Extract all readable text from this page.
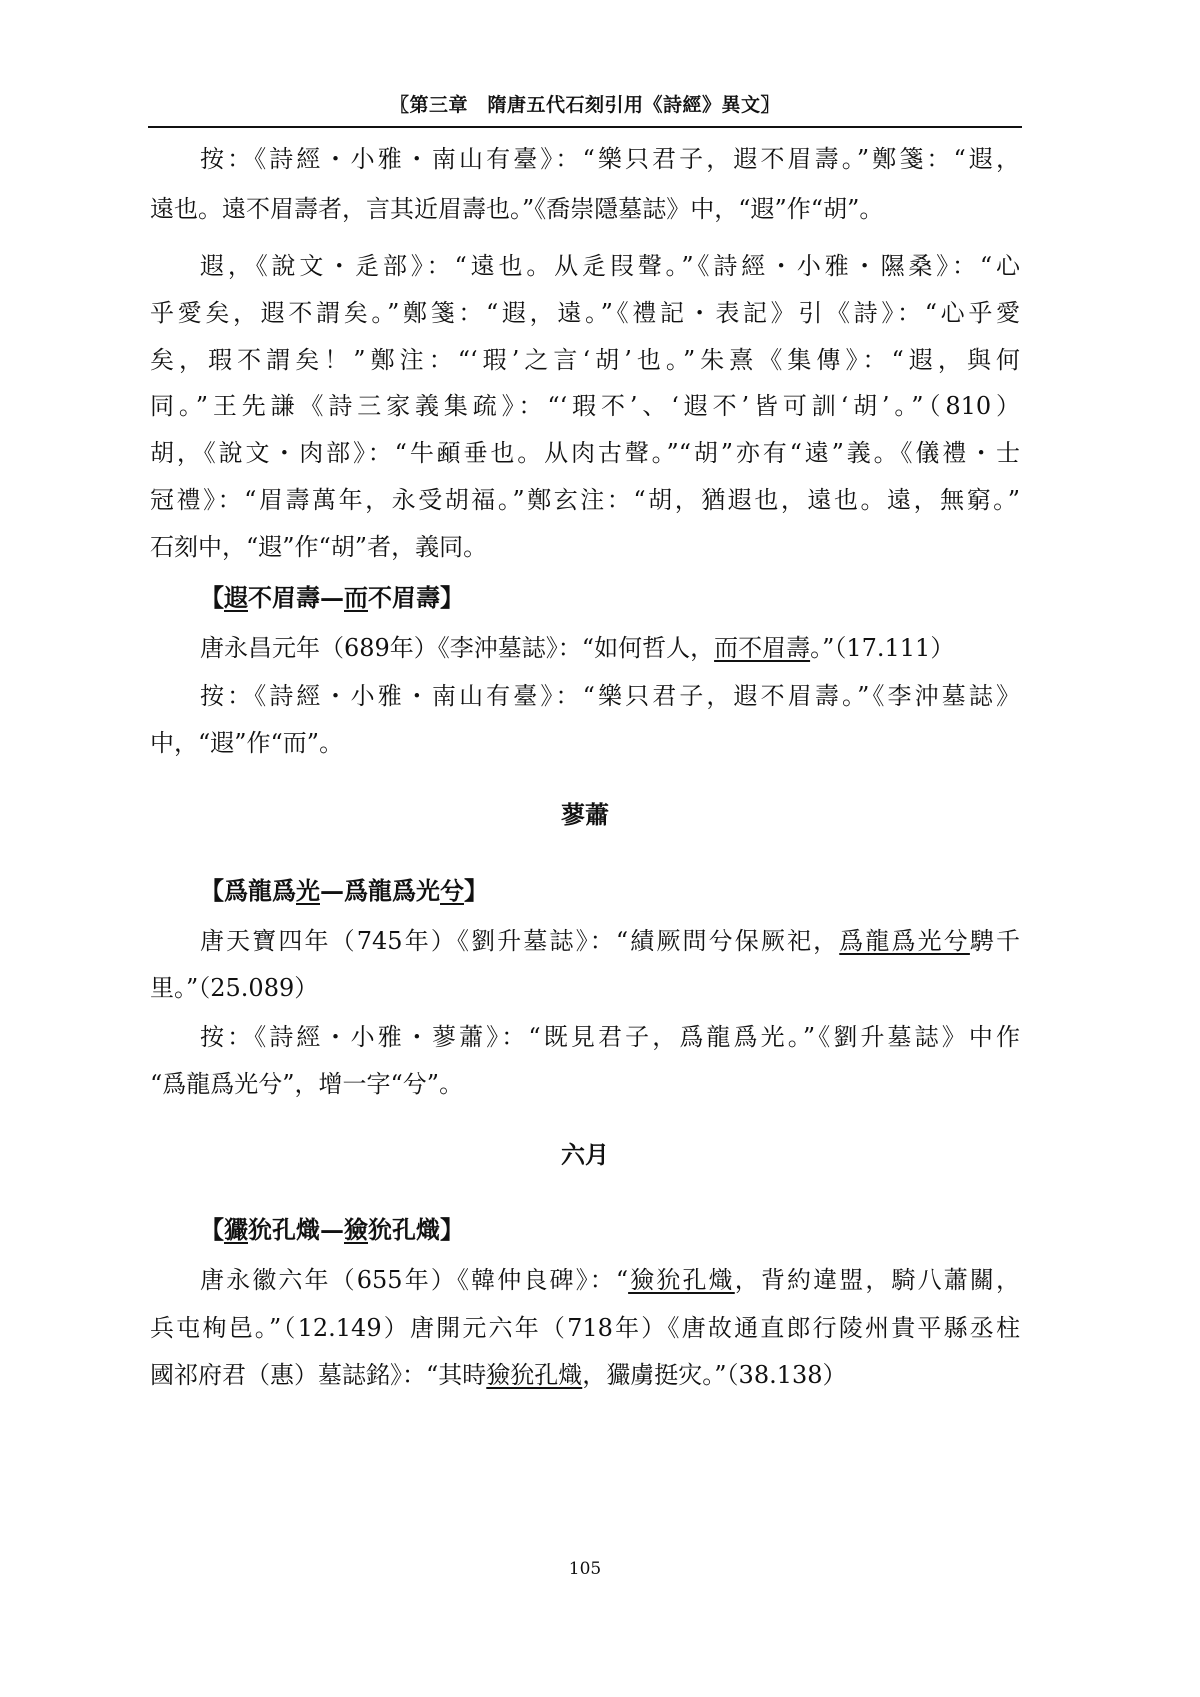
〖第三章　隋唐五代石刻引用《詩經》異文〗
按：《詩經・小雅・南山有臺》：“樂只君子，遐不眉壽。”鄭箋：“遐，
遠也。遠不眉壽者，言其近眉壽也。”《喬崇隱墓誌》中，“遐”作“胡”。
遐，《說文・辵部》：“遠也。从辵叚聲。”《詩經・小雅・隰桑》：“心
乎愛矣，遐不謂矣。”鄭箋：“遐，遠。”《禮記・表記》引《詩》：“心乎愛
矣，瑕不謂矣！”鄭注：“‘瑕’之言‘胡’也。”朱熹《集傳》：“遐，與何
同。”王先謙《詩三家義集疏》：“‘瑕不’、‘遐不’皆可訓‘胡’。”（810）
胡，《說文・肉部》：“牛顄垂也。从肉古聲。”“胡”亦有“遠”義。《儀禮・士
冠禮》：“眉壽萬年，永受胡福。”鄭玄注：“胡，猶遐也，遠也。遠，無窮。”
石刻中，“遐”作“胡”者，義同。
【遐不眉壽—而不眉壽】
唐永昌元年（689年）《李沖墓誌》：“如何哲人，而不眉壽。”（17.111）
按：《詩經・小雅・南山有臺》：“樂只君子，遐不眉壽。”《李沖墓誌》
中，“遐”作“而”。
蓼蕭
【爲龍爲光—爲龍爲光兮】
唐天寶四年（745年）《劉升墓誌》：“績厥問兮保厥祀，爲龍爲光兮騁千
里。”（25.089）
按：《詩經・小雅・蓼蕭》：“既見君子，爲龍爲光。”《劉升墓誌》中作
“爲龍爲光兮”，增一字“兮”。
六月
【玁狁孔熾—獫狁孔熾】
唐永徽六年（655年）《韓仲良碑》：“獫狁孔熾，背約違盟，騎八蕭關，
兵屯栒邑。”（12.149）唐開元六年（718年）《唐故通直郎行陵州貴平縣丞柱
國祁府君（惠）墓誌銘》：“其時獫狁孔熾，玁虜挺灾。”（38.138）
105
